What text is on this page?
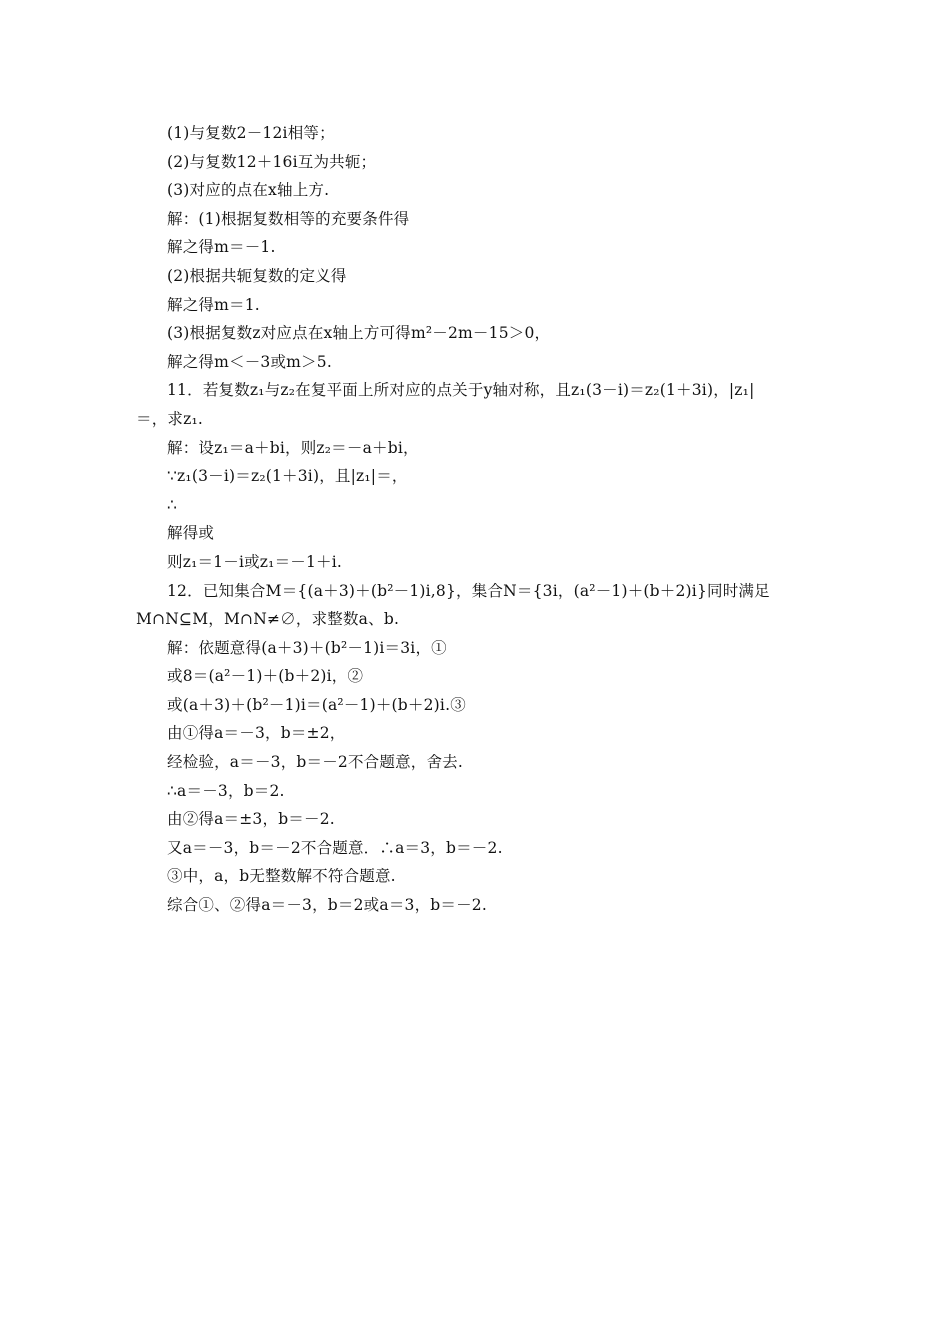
(1)与复数2－12i相等；
(2)与复数12＋16i互为共轭；
(3)对应的点在x轴上方.
解：(1)根据复数相等的充要条件得
解之得m＝－1.
(2)根据共轭复数的定义得
解之得m＝1.
(3)根据复数z对应点在x轴上方可得m²－2m－15＞0，
解之得m＜－3或m＞5.
11．若复数z₁与z₂在复平面上所对应的点关于y轴对称，且z₁(3－i)＝z₂(1＋3i)，|z₁|
＝，求z₁.
解：设z₁＝a＋bi，则z₂＝－a＋bi，
∵z₁(3－i)＝z₂(1＋3i)，且|z₁|＝，
∴
解得或
则z₁＝1－i或z₁＝－1＋i.
12．已知集合M＝{(a＋3)＋(b²－1)i,8}，集合N＝{3i，(a²－1)＋(b＋2)i}同时满足
M∩N⊆M，M∩N≠∅，求整数a、b.
解：依题意得(a＋3)＋(b²－1)i＝3i，①
或8＝(a²－1)＋(b＋2)i，②
或(a＋3)＋(b²－1)i＝(a²－1)＋(b＋2)i.③
由①得a＝－3，b＝±2，
经检验，a＝－3，b＝－2不合题意，舍去.
∴a＝－3，b＝2.
由②得a＝±3，b＝－2.
又a＝－3，b＝－2不合题意．∴a＝3，b＝－2.
③中，a，b无整数解不符合题意.
综合①、②得a＝－3，b＝2或a＝3，b＝－2.
